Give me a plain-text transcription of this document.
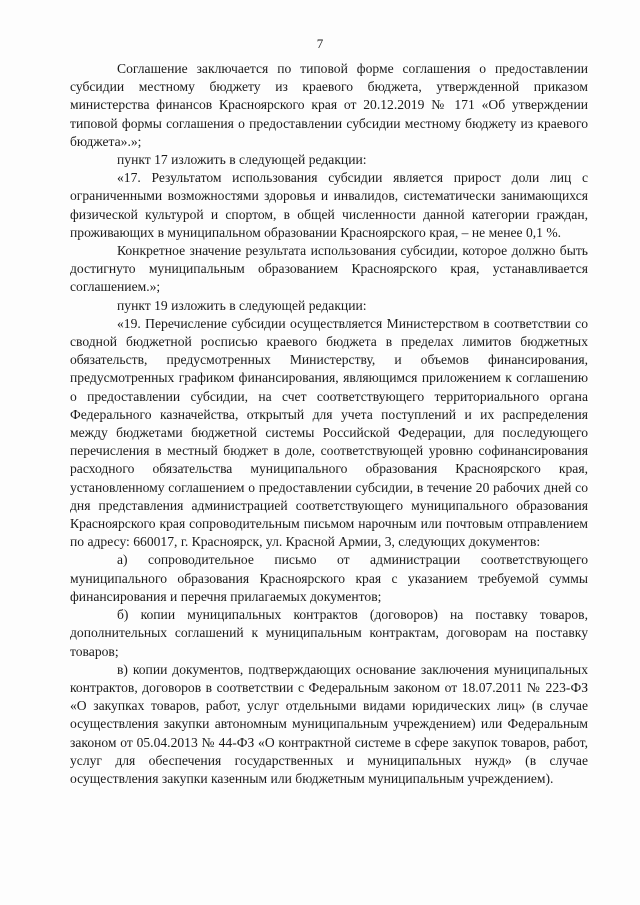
7

Соглашение заключается по типовой форме соглашения о предоставлении субсидии местному бюджету из краевого бюджета, утвержденной приказом министерства финансов Красноярского края от 20.12.2019 № 171 «Об утверждении типовой формы соглашения о предоставлении субсидии местному бюджету из краевого бюджета».»;

пункт 17 изложить в следующей редакции:

«17. Результатом использования субсидии является прирост доли лиц с ограниченными возможностями здоровья и инвалидов, систематически занимающихся физической культурой и спортом, в общей численности данной категории граждан, проживающих в муниципальном образовании Красноярского края, – не менее 0,1 %.

Конкретное значение результата использования субсидии, которое должно быть достигнуто муниципальным образованием Красноярского края, устанавливается соглашением.»;

пункт 19 изложить в следующей редакции:

«19. Перечисление субсидии осуществляется Министерством в соответствии со сводной бюджетной росписью краевого бюджета в пределах лимитов бюджетных обязательств, предусмотренных Министерству, и объемов финансирования, предусмотренных графиком финансирования, являющимся приложением к соглашению о предоставлении субсидии, на счет соответствующего территориального органа Федерального казначейства, открытый для учета поступлений и их распределения между бюджетами бюджетной системы Российской Федерации, для последующего перечисления в местный бюджет в доле, соответствующей уровню софинансирования расходного обязательства муниципального образования Красноярского края, установленному соглашением о предоставлении субсидии, в течение 20 рабочих дней со дня представления администрацией соответствующего муниципального образования Красноярского края сопроводительным письмом нарочным или почтовым отправлением по адресу: 660017, г. Красноярск, ул. Красной Армии, 3, следующих документов:

а) сопроводительное письмо от администрации соответствующего муниципального образования Красноярского края с указанием требуемой суммы финансирования и перечня прилагаемых документов;

б) копии муниципальных контрактов (договоров) на поставку товаров, дополнительных соглашений к муниципальным контрактам, договорам на поставку товаров;

в) копии документов, подтверждающих основание заключения муниципальных контрактов, договоров в соответствии с Федеральным законом от 18.07.2011 № 223-ФЗ «О закупках товаров, работ, услуг отдельными видами юридических лиц» (в случае осуществления закупки автономным муниципальным учреждением) или Федеральным законом от 05.04.2013 № 44-ФЗ «О контрактной системе в сфере закупок товаров, работ, услуг для обеспечения государственных и муниципальных нужд» (в случае осуществления закупки казенным или бюджетным муниципальным учреждением).
